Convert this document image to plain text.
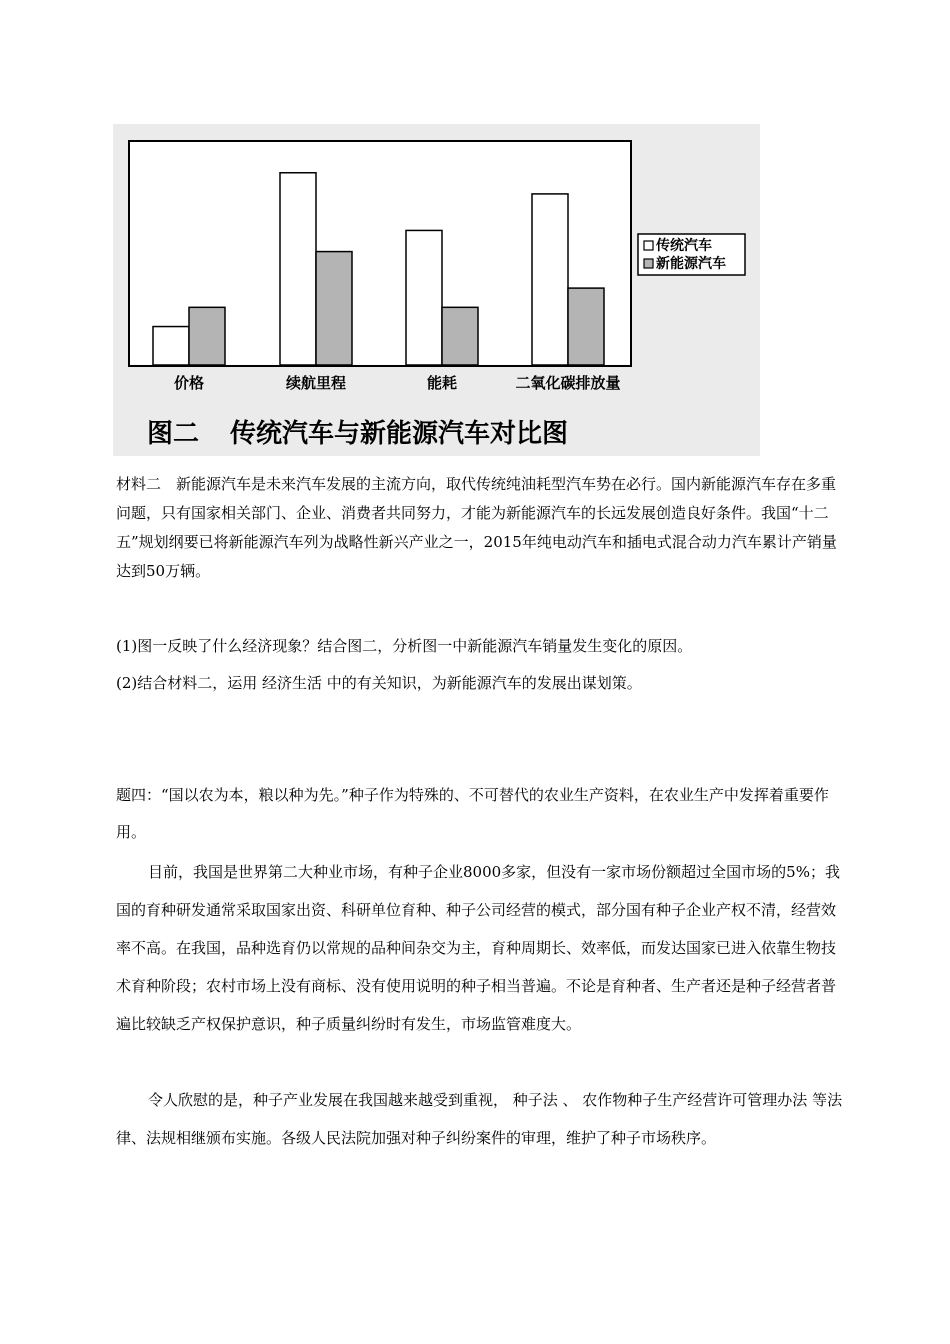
价格	续航里程	能耗	二氧化碳排放量
传统汽车
新能源汽车
图二 传统汽车与新能源汽车对比图

材料二　 新能源汽车是未来汽车发展的主流方向，取代传统纯油耗型汽车势在必行。国内新能源汽车存在多重问题，只有国家相关部门、企业、消费者共同努力，才能为新能源汽车的长远发展创造良好条件。我国“十二五”规划纲要已将新能源汽车列为战略性新兴产业之一，2015年纯电动汽车和插电式混合动力汽车累计产销量达到50万辆。

(1)图一反映了什么经济现象？结合图二，分析图一中新能源汽车销量发生变化的原因。

(2)结合材料二，运用 经济生活 中的有关知识，为新能源汽车的发展出谋划策。

题四：“国以农为本，粮以种为先。”种子作为特殊的、不可替代的农业生产资料，在农业生产中发挥着重要作用。

目前，我国是世界第二大种业市场，有种子企业8000多家，但没有一家市场份额超过全国市场的5%；我国的育种研发通常采取国家出资、科研单位育种、种子公司经营的模式，部分国有种子企业产权不清，经营效率不高。在我国，品种选育仍以常规的品种间杂交为主，育种周期长、效率低，而发达国家已进入依靠生物技术育种阶段；农村市场上没有商标、没有使用说明的种子相当普遍。不论是育种者、生产者还是种子经营者普遍比较缺乏产权保护意识，种子质量纠纷时有发生，市场监管难度大。

令人欣慰的是，种子产业发展在我国越来越受到重视， 种子法 、 农作物种子生产经营许可管理办法 等法律、法规相继颁布实施。各级人民法院加强对种子纠纷案件的审理，维护了种子市场秩序。
